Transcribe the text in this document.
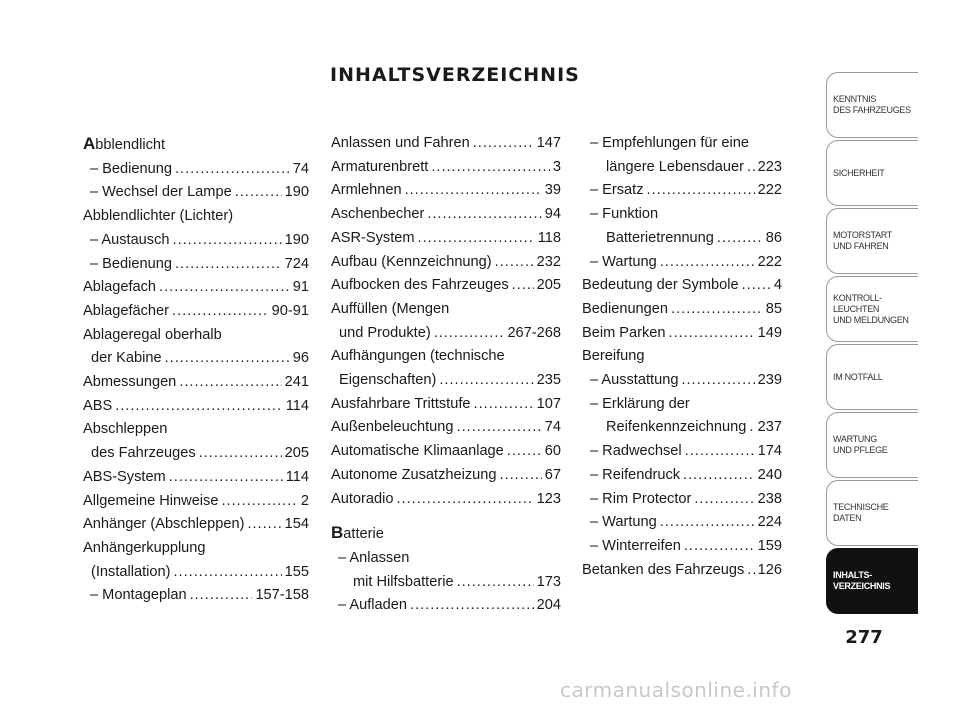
INHALTSVERZEICHNIS
Abblendlicht
– Bedienung .....	74
– Wechsel der Lampe .....	190
Abblendlichter (Lichter)
– Austausch .....	190
– Bedienung .....	724
Ablagefach .....	91
Ablagefächer .....	90-91
Ablageregal oberhalb
der Kabine .....	96
Abmessungen .....	241
ABS .....	114
Abschleppen
des Fahrzeuges .....	205
ABS-System .....	114
Allgemeine Hinweise .....	2
Anhänger (Abschleppen) .....	154
Anhängerkupplung
(Installation) .....	155
– Montageplan .....	157-158
Anlassen und Fahren .....	147
Armaturenbrett .....	3
Armlehnen .....	39
Aschenbecher .....	94
ASR-System .....	118
Aufbau (Kennzeichnung) .....	232
Aufbocken des Fahrzeuges ..... 205
Auffüllen (Mengen
und Produkte) .....	267-268
Aufhängungen (technische
Eigenschaften) .....	235
Ausfahrbare Trittstufe .....	107
Außenbeleuchtung .....	74
Automatische Klimaanlage .....	60
Autonome Zusatzheizung .....	67
Autoradio .....	123
Batterie
– Anlassen
mit Hilfsbatterie .....	173
– Aufladen .....	204
– Empfehlungen für eine
längere Lebensdauer ..... 223
– Ersatz .....	222
– Funktion
Batterietrennung .....	86
– Wartung .....	222
Bedeutung der Symbole ..... 4
Bedienungen .....	85
Beim Parken .....	149
Bereifung
– Ausstattung .....	239
– Erklärung der
Reifenkennzeichnung ..... 237
– Radwechsel .....	174
– Reifendruck .....	240
– Rim Protector .....	238
– Wartung .....	224
– Winterreifen .....	159
Betanken des Fahrzeugs ..... 126
KENNTNIS
DES FAHRZEUGES
SICHERHEIT
MOTORSTART
UND FAHREN
KONTROLL-
LEUCHTEN
UND MELDUNGEN
IM NOTFALL
WARTUNG
UND PFLEGE
TECHNISCHE
DATEN
INHALTS-
VERZEICHNIS
277
carmanualsonline.info
